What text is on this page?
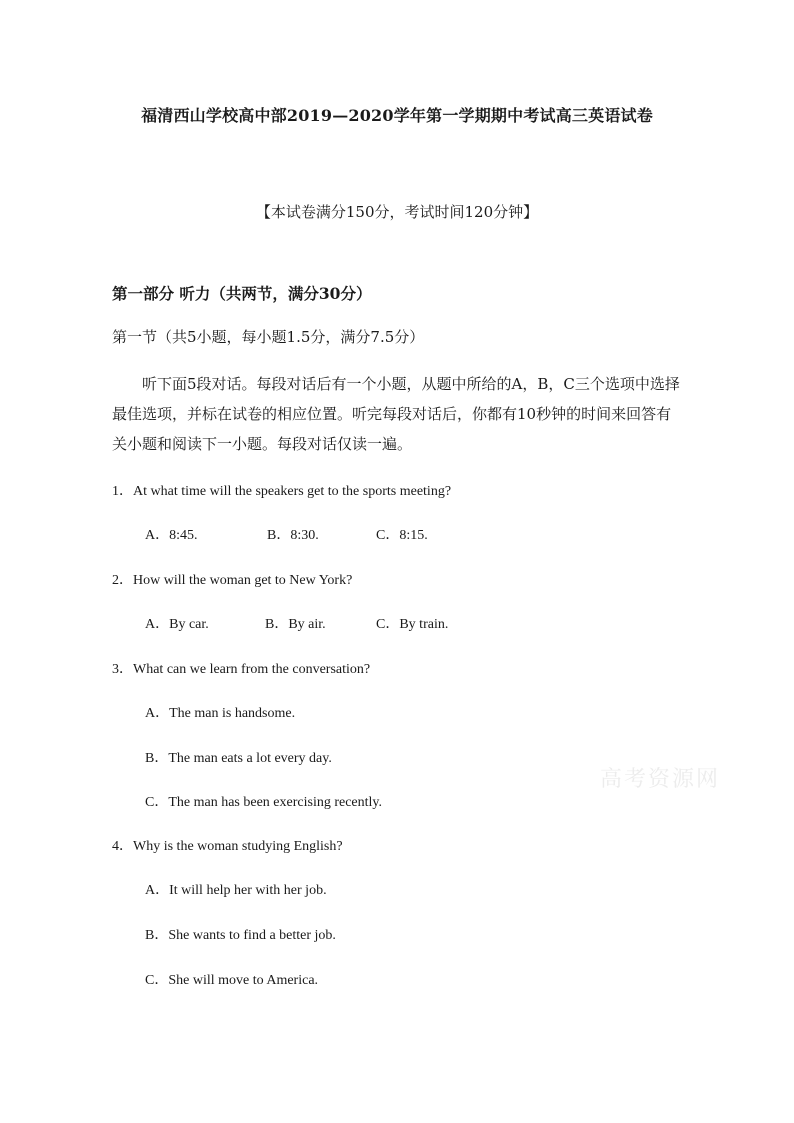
福清西山学校高中部2019—2020学年第一学期期中考试高三英语试卷
【本试卷满分150分，考试时间120分钟】
第一部分 听力（共两节，满分30分）
第一节（共5小题，每小题1.5分，满分7.5分）
听下面5段对话。每段对话后有一个小题，从题中所给的A，B，C三个选项中选择最佳选项，并标在试卷的相应位置。听完每段对话后，你都有10秒钟的时间来回答有关小题和阅读下一小题。每段对话仅读一遍。
1．At what time will the speakers get to the sports meeting?
A．8:45.	B．8:30.	C．8:15.
2．How will the woman get to New York?
A．By car.	B．By air.	C．By train.
3．What can we learn from the conversation?
A．The man is handsome.
B．The man eats a lot every day.
C．The man has been exercising recently.
4．Why is the woman studying English?
A．It will help her with her job.
B．She wants to find a better job.
C．She will move to America.
高考资源网
